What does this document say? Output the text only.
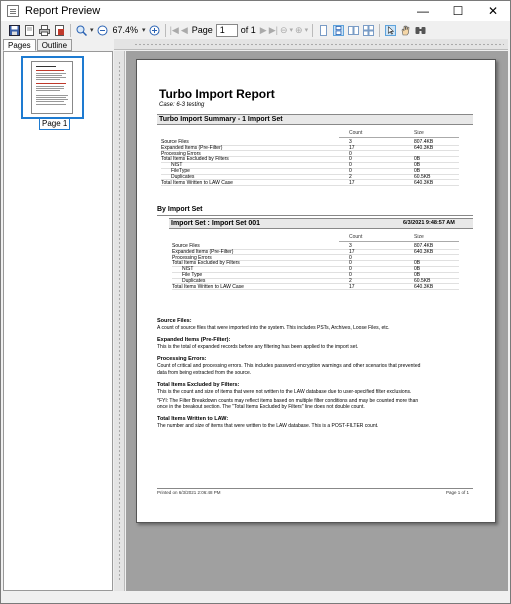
Report Preview	—	☐	✕
▾ 67.4% ▾	|◀ ◀ Page 1	of 1 ▶ ▶| ⊖ ▾ ⊕ ▾
Pages	Outline
Page 1
Turbo Import Report
Case: 6-3 testing
Turbo Import Summary - 1 Import Set
Count	Size
Source Files	3	807.4KB
Expanded Items (Pre-Filter)	17	640.3KB
Processing Errors	0
Total Items Excluded by Filters	0	0B
NIST	0	0B
FileType	0	0B
Duplicates	2	60.5KB
Total Items Written to LAW Case	17	640.3KB
By Import Set
Import Set : Import Set 001	6/3/2021 9:48:57 AM
Count	Size
Source Files	3	807.4KB
Expanded Items (Pre-Filter)	17	640.3KB
Processing Errors	0
Total Items Excluded by Filters	0	0B
NIST	0	0B
File Type	0	0B
Duplicates	2	60.5KB
Total Items Written to LAW Case	17	640.3KB
Source Files:
A count of source files that were imported into the system. This includes PSTs, Archives, Loose Files, etc.
Expanded Items (Pre-Filter):
This is the total of expanded records before any filtering has been applied to the import set.
Processing Errors:
Count of critical and processing errors. This includes password encryption warnings and other scenarios that prevented
data from being extracted from the source.
Total Items Excluded by Filters:
This is the count and size of items that were not written to the LAW database due to user-specified filter exclusions.
*FYI: The Filter Breakdown counts may reflect items based on multiple filter conditions and may be counted more than
once in the breakout section. The "Total Items Excluded by Filters" line does not double count.
Total Items Written to LAW:
The number and size of items that were written to the LAW database. This is a POST-FILTER count.
Printed on 6/3/2021 2:06:48 PM	Page 1 of 1
